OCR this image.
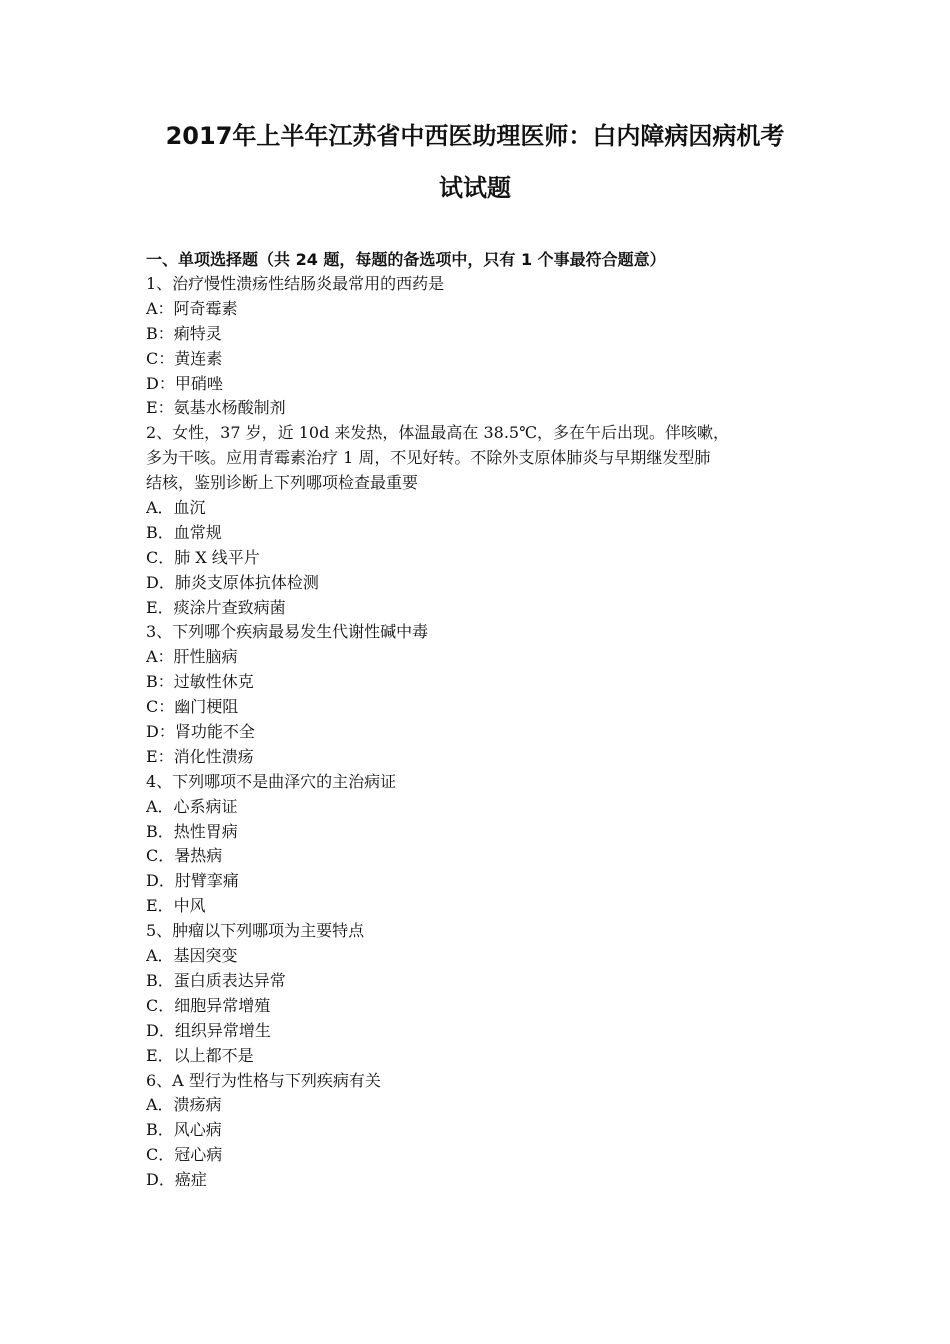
2017年上半年江苏省中西医助理医师：白内障病因病机考
试试题
一、单项选择题（共 24 题，每题的备选项中，只有 1 个事最符合题意）
1、治疗慢性溃疡性结肠炎最常用的西药是
A：阿奇霉素
B：痢特灵
C：黄连素
D：甲硝唑
E：氨基水杨酸制剂
2、女性，37 岁，近 10d 来发热，体温最高在 38.5℃，多在午后出现。伴咳嗽，
多为干咳。应用青霉素治疗 1 周，不见好转。不除外支原体肺炎与早期继发型肺
结核，鉴别诊断上下列哪项检查最重要
A．血沉
B．血常规
C．肺 X 线平片
D．肺炎支原体抗体检测
E．痰涂片查致病菌
3、下列哪个疾病最易发生代谢性碱中毒
A：肝性脑病
B：过敏性休克
C：幽门梗阻
D：肾功能不全
E：消化性溃疡
4、下列哪项不是曲泽穴的主治病证
A．心系病证
B．热性胃病
C．暑热病
D．肘臂挛痛
E．中风
5、肿瘤以下列哪项为主要特点
A．基因突变
B．蛋白质表达异常
C．细胞异常增殖
D．组织异常增生
E．以上都不是
6、A 型行为性格与下列疾病有关
A．溃疡病
B．风心病
C．冠心病
D．癌症
